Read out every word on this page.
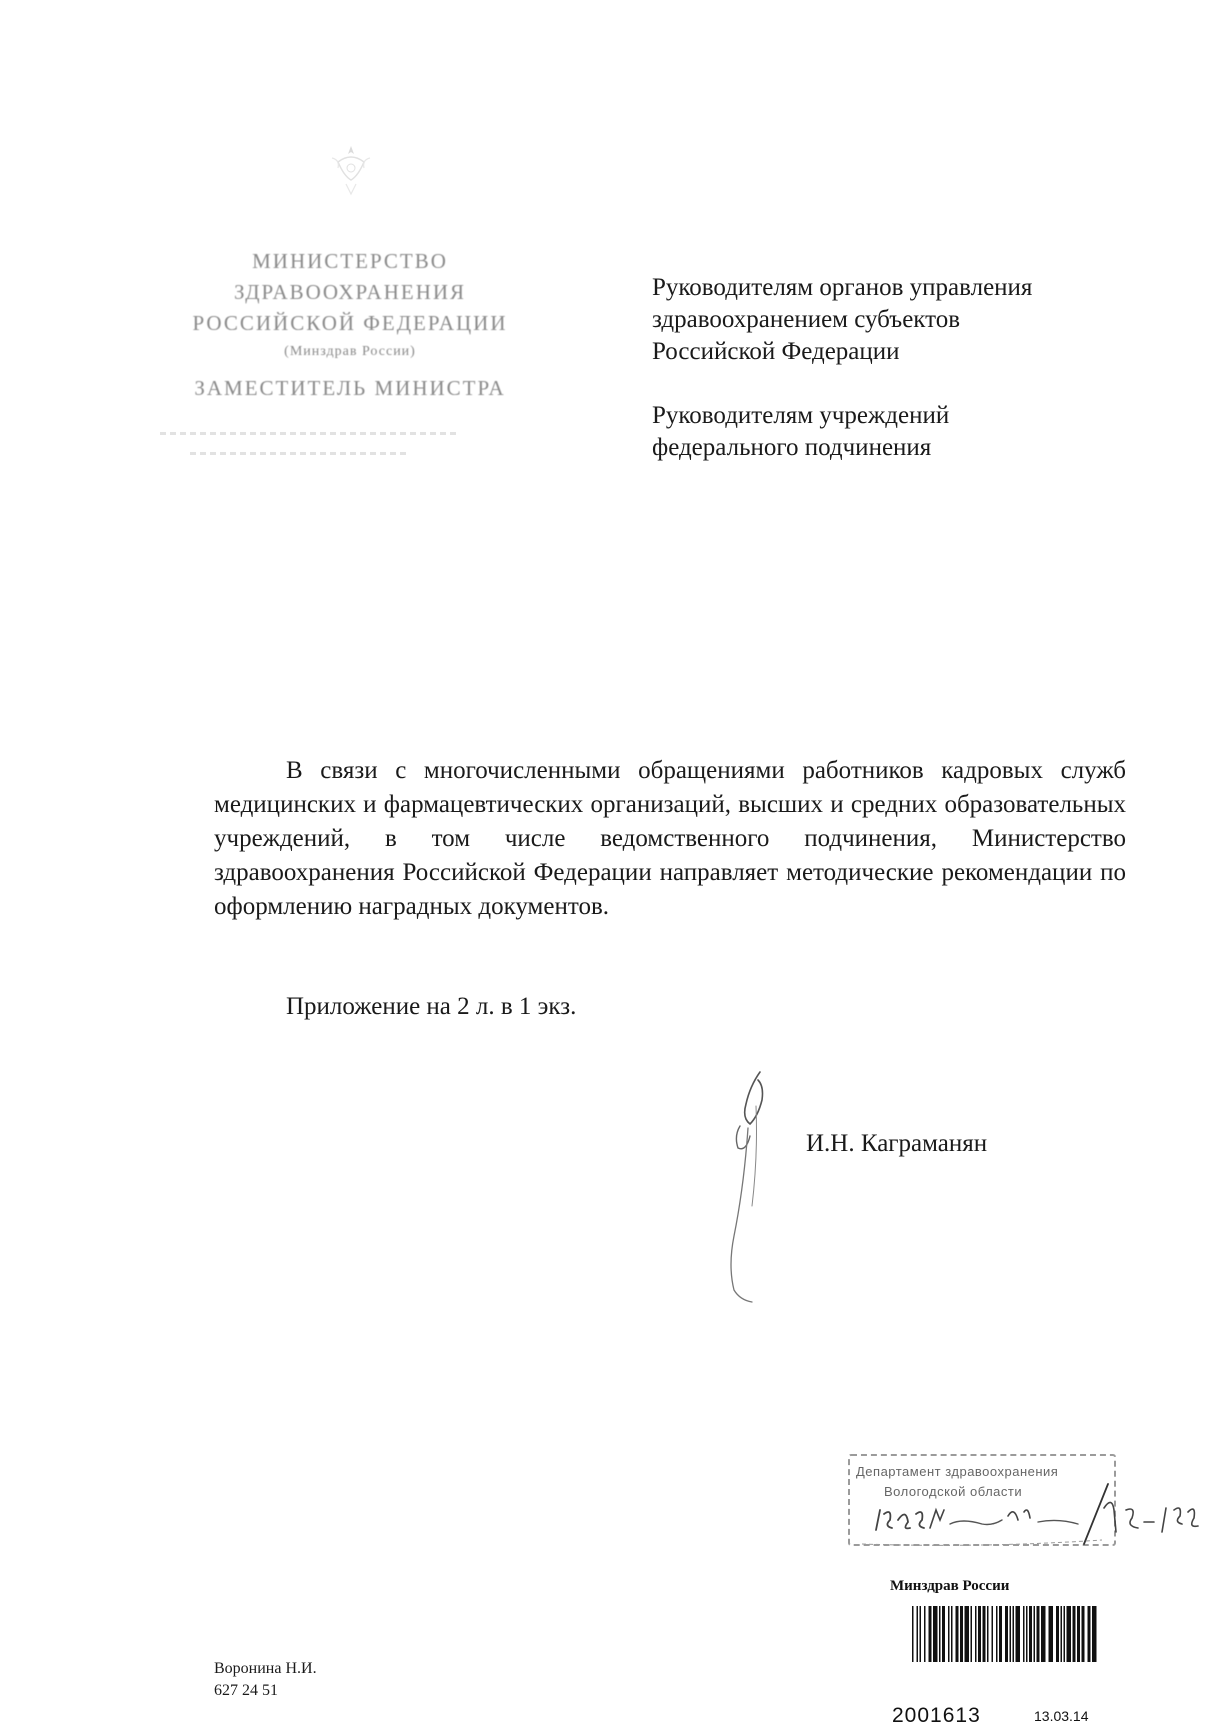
МИНИСТЕРСТВО
ЗДРАВООХРАНЕНИЯ
РОССИЙСКОЙ ФЕДЕРАЦИИ
(Минздрав России)
ЗАМЕСТИТЕЛЬ МИНИСТРА

Руководителям органов управления
здравоохранением субъектов
Российской Федерации

Руководителям учреждений
федерального подчинения

В связи с многочисленными обращениями работников кадровых служб медицинских и фармацевтических организаций, высших и средних образовательных учреждений, в том числе ведомственного подчинения, Министерство здравоохранения Российской Федерации направляет методические рекомендации по оформлению наградных документов.

Приложение на 2 л. в 1 экз.

И.Н. Каграманян

Департамент здравоохранения
Вологодской области
Минздрав России
2001613	13.03.14
Воронина Н.И.
627 24 51
